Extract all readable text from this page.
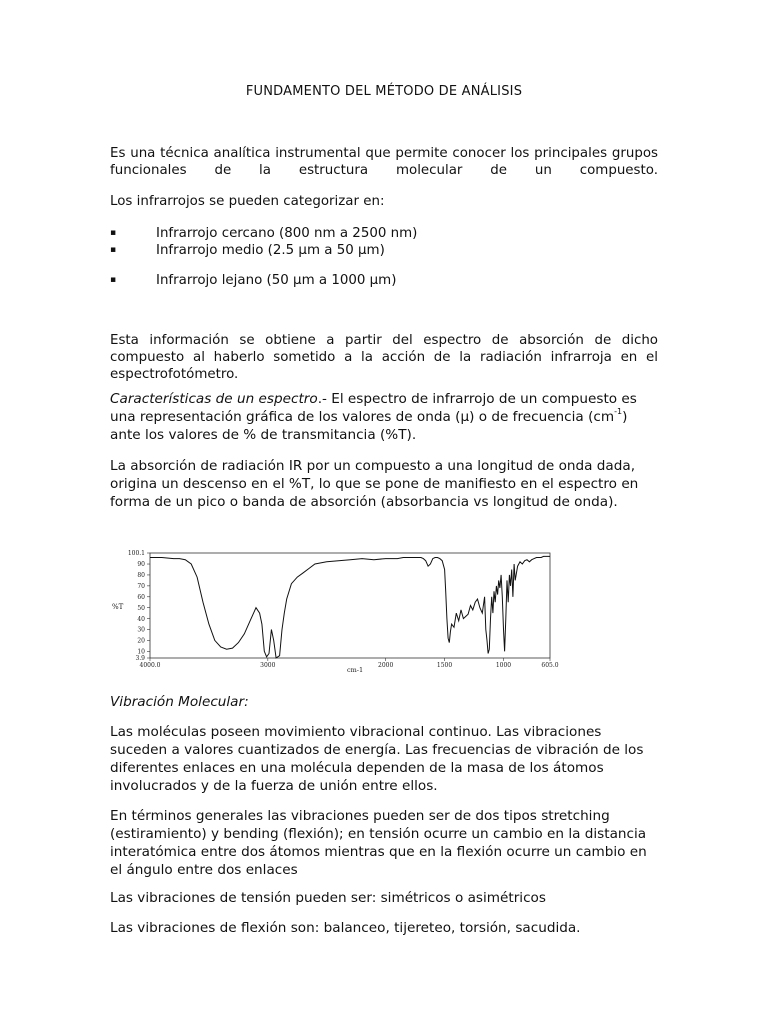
FUNDAMENTO DEL MÉTODO DE ANÁLISIS
Es una técnica analítica instrumental que permite conocer los principales grupos funcionales de la estructura molecular de un compuesto.
Los infrarrojos se pueden categorizar en:
▪	Infrarrojo cercano (800 nm a 2500 nm)
▪	Infrarrojo medio (2.5 µm a 50 µm)
▪	Infrarrojo lejano (50 µm a 1000 µm)
Esta información se obtiene a partir del espectro de absorción de dicho compuesto al haberlo sometido a la acción de la radiación infrarroja en el espectrofotómetro.
Características de un espectro.- El espectro de infrarrojo de un compuesto es una representación gráfica de los valores de onda (µ) o de frecuencia $(cm^{-1})$ ante los valores de % de transmitancia (%T).
La absorción de radiación IR por un compuesto a una longitud de onda dada, origina un descenso en el %T, lo que se pone de manifiesto en el espectro en forma de un pico o banda de absorción (absorbancia vs longitud de onda).
100.1
90
80
70
60
50
40
30
20
10
3.9
4000.0	3000	2000	1500	1000	605.0
%T
cm-1
Vibración Molecular:
Las moléculas poseen movimiento vibracional continuo. Las vibraciones suceden a valores cuantizados de energía. Las frecuencias de vibración de los diferentes enlaces en una molécula dependen de la masa de los átomos involucrados y de la fuerza de unión entre ellos.
En términos generales las vibraciones pueden ser de dos tipos stretching (estiramiento) y bending (flexión); en tensión ocurre un cambio en la distancia interatómica entre dos átomos mientras que en la flexión ocurre un cambio en el ángulo entre dos enlaces
Las vibraciones de tensión pueden ser: simétricos o asimétricos
Las vibraciones de flexión son: balanceo, tijereteo, torsión, sacudida.
